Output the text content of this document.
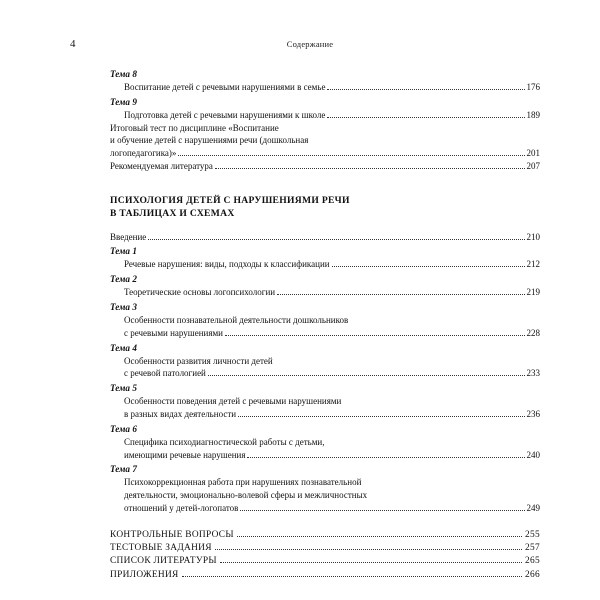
4	Содержание
Тема 8
Воспитание детей с речевыми нарушениями в семье	176
Тема 9
Подготовка детей с речевыми нарушениями к школе	189
Итоговый тест по дисциплине «Воспитание
и обучение детей с нарушениями речи (дошкольная
логопедагогика)»	201
Рекомендуемая литература	207
ПСИХОЛОГИЯ ДЕТЕЙ С НАРУШЕНИЯМИ РЕЧИ
В ТАБЛИЦАХ И СХЕМАХ
Введение	210
Тема 1
Речевые нарушения: виды, подходы к классификации	212
Тема 2
Теоретические основы логопсихологии	219
Тема 3
Особенности познавательной деятельности дошкольников
с речевыми нарушениями	228
Тема 4
Особенности развития личности детей
с речевой патологией	233
Тема 5
Особенности поведения детей с речевыми нарушениями
в разных видах деятельности	236
Тема 6
Специфика психодиагностической работы с детьми,
имеющими речевые нарушения	240
Тема 7
Психокоррекционная работа при нарушениях познавательной
деятельности, эмоционально-волевой сферы и межличностных
отношений у детей-логопатов	249
КОНТРОЛЬНЫЕ ВОПРОСЫ	255
ТЕСТОВЫЕ ЗАДАНИЯ	257
СПИСОК ЛИТЕРАТУРЫ	265
ПРИЛОЖЕНИЯ	266
